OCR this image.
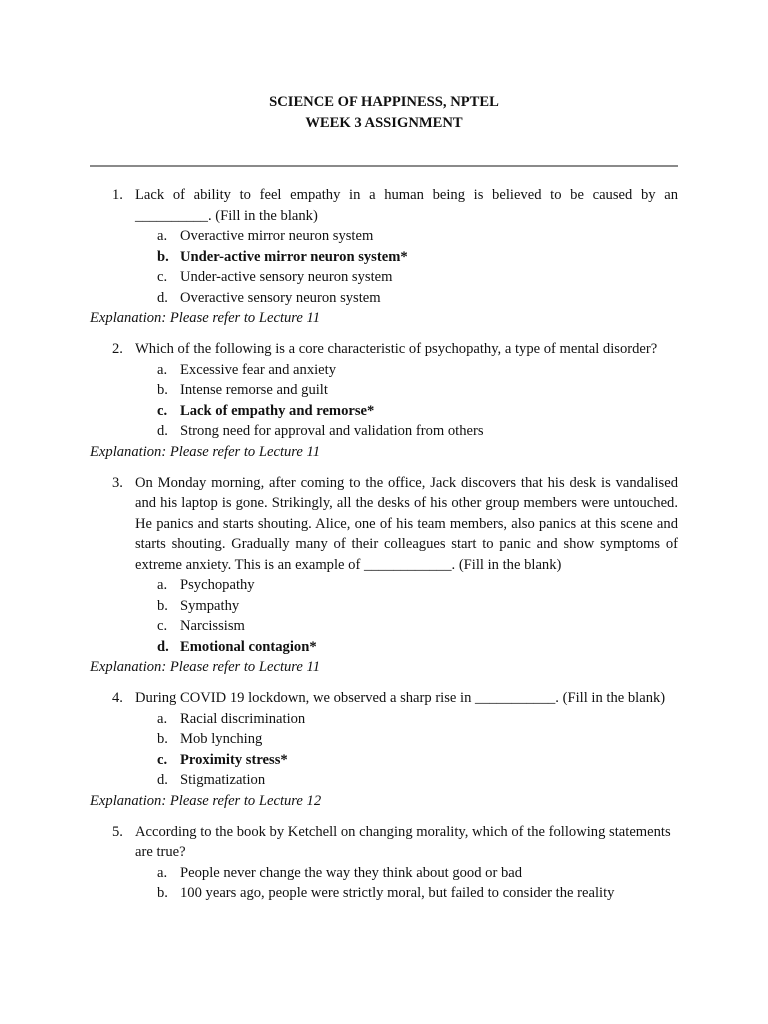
SCIENCE OF HAPPINESS, NPTEL
WEEK 3 ASSIGNMENT
1. Lack of ability to feel empathy in a human being is believed to be caused by an __________. (Fill in the blank)
a. Overactive mirror neuron system
b. Under-active mirror neuron system*
c. Under-active sensory neuron system
d. Overactive sensory neuron system
Explanation: Please refer to Lecture 11
2. Which of the following is a core characteristic of psychopathy, a type of mental disorder?
a. Excessive fear and anxiety
b. Intense remorse and guilt
c. Lack of empathy and remorse*
d. Strong need for approval and validation from others
Explanation: Please refer to Lecture 11
3. On Monday morning, after coming to the office, Jack discovers that his desk is vandalised and his laptop is gone. Strikingly, all the desks of his other group members were untouched. He panics and starts shouting. Alice, one of his team members, also panics at this scene and starts shouting. Gradually many of their colleagues start to panic and show symptoms of extreme anxiety. This is an example of ____________. (Fill in the blank)
a. Psychopathy
b. Sympathy
c. Narcissism
d. Emotional contagion*
Explanation: Please refer to Lecture 11
4. During COVID 19 lockdown, we observed a sharp rise in ___________. (Fill in the blank)
a. Racial discrimination
b. Mob lynching
c. Proximity stress*
d. Stigmatization
Explanation: Please refer to Lecture 12
5. According to the book by Ketchell on changing morality, which of the following statements are true?
a. People never change the way they think about good or bad
b. 100 years ago, people were strictly moral, but failed to consider the reality
